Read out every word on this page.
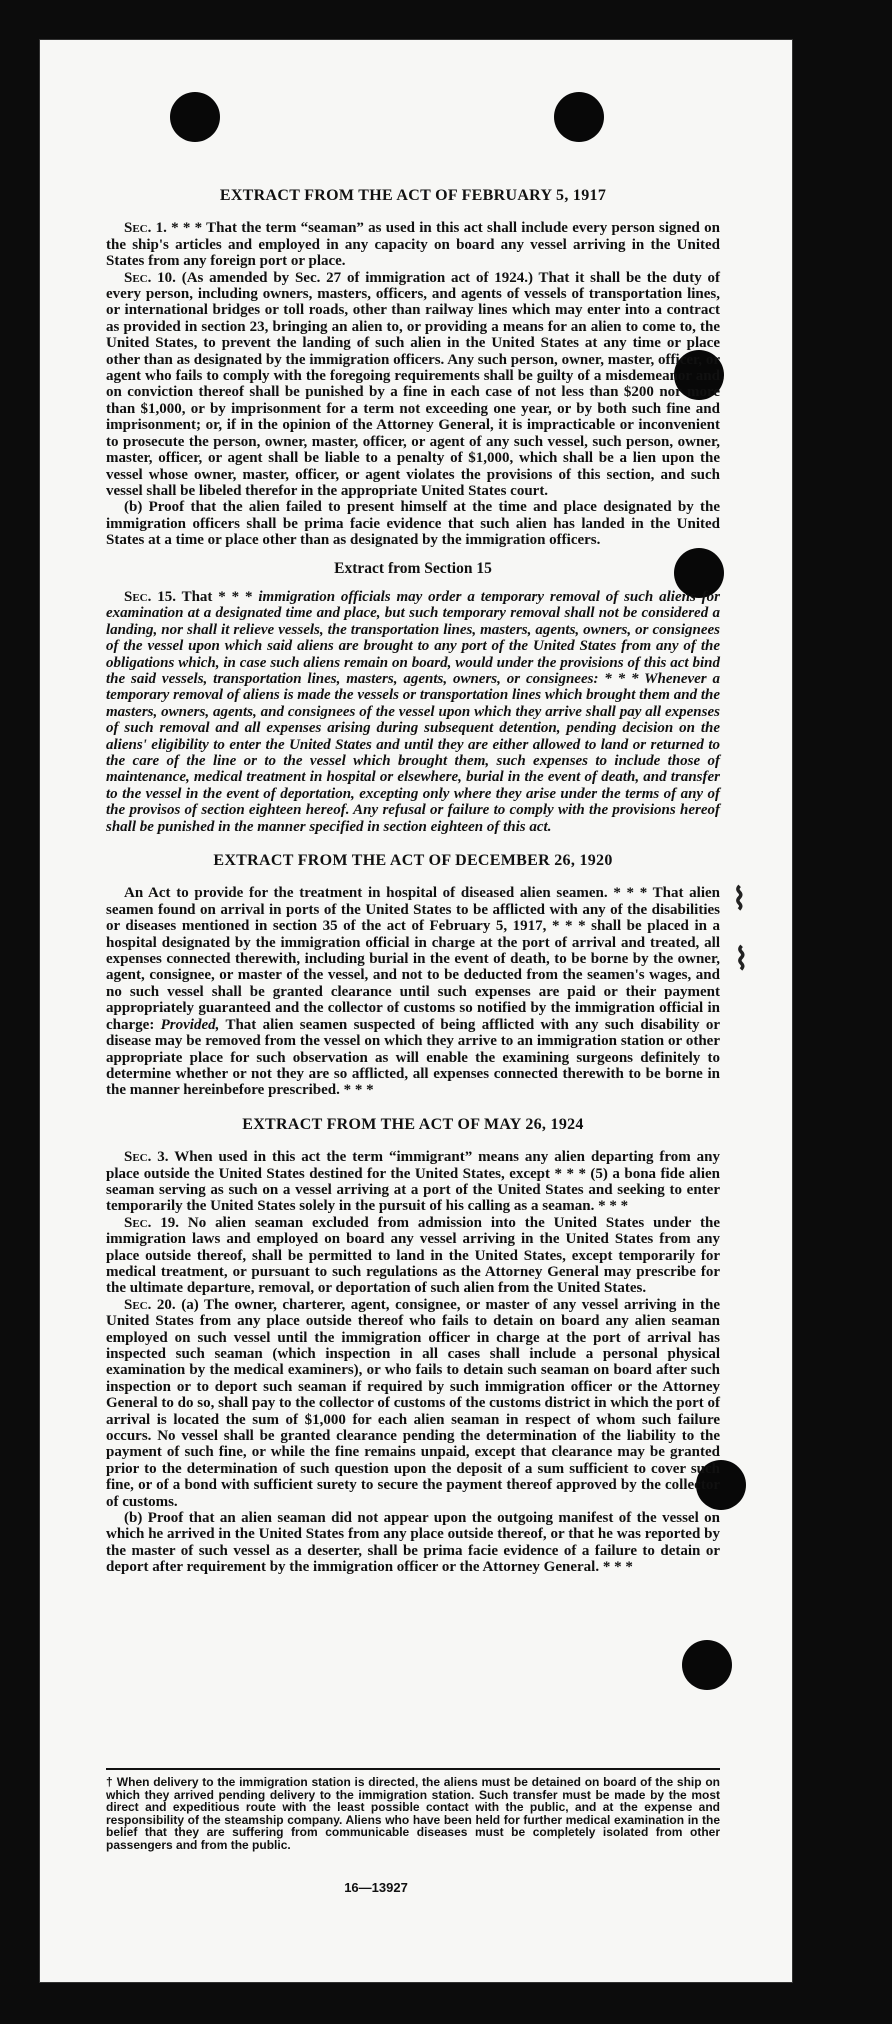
⌇
⌇
EXTRACT FROM THE ACT OF FEBRUARY 5, 1917

Sec. 1. * * * That the term “seaman” as used in this act shall include every person signed on the ship's articles and employed in any capacity on board any vessel arriving in the United States from any foreign port or place.

Sec. 10. (As amended by Sec. 27 of immigration act of 1924.) That it shall be the duty of every person, including owners, masters, officers, and agents of vessels of transportation lines, or international bridges or toll roads, other than railway lines which may enter into a contract as provided in section 23, bringing an alien to, or providing a means for an alien to come to, the United States, to prevent the landing of such alien in the United States at any time or place other than as designated by the immigration officers. Any such person, owner, master, officer, or agent who fails to comply with the foregoing requirements shall be guilty of a misdemeanor and on conviction thereof shall be punished by a fine in each case of not less than $200 nor more than $1,000, or by imprisonment for a term not exceeding one year, or by both such fine and imprisonment; or, if in the opinion of the Attorney General, it is impracticable or inconvenient to prosecute the person, owner, master, officer, or agent of any such vessel, such person, owner, master, officer, or agent shall be liable to a penalty of $1,000, which shall be a lien upon the vessel whose owner, master, officer, or agent violates the provisions of this section, and such vessel shall be libeled therefor in the appropriate United States court.

(b) Proof that the alien failed to present himself at the time and place designated by the immigration officers shall be prima facie evidence that such alien has landed in the United States at a time or place other than as designated by the immigration officers.

Extract from Section 15

Sec. 15. That * * * immigration officials may order a temporary removal of such aliens for examination at a designated time and place, but such temporary removal shall not be considered a landing, nor shall it relieve vessels, the transportation lines, masters, agents, owners, or consignees of the vessel upon which said aliens are brought to any port of the United States from any of the obligations which, in case such aliens remain on board, would under the provisions of this act bind the said vessels, transportation lines, masters, agents, owners, or consignees: * * * Whenever a temporary removal of aliens is made the vessels or transportation lines which brought them and the masters, owners, agents, and consignees of the vessel upon which they arrive shall pay all expenses of such removal and all expenses arising during subsequent detention, pending decision on the aliens' eligibility to enter the United States and until they are either allowed to land or returned to the care of the line or to the vessel which brought them, such expenses to include those of maintenance, medical treatment in hospital or elsewhere, burial in the event of death, and transfer to the vessel in the event of deportation, excepting only where they arise under the terms of any of the provisos of section eighteen hereof. Any refusal or failure to comply with the provisions hereof shall be punished in the manner specified in section eighteen of this act.

EXTRACT FROM THE ACT OF DECEMBER 26, 1920

An Act to provide for the treatment in hospital of diseased alien seamen. * * * That alien seamen found on arrival in ports of the United States to be afflicted with any of the disabilities or diseases mentioned in section 35 of the act of February 5, 1917, * * * shall be placed in a hospital designated by the immigration official in charge at the port of arrival and treated, all expenses connected therewith, including burial in the event of death, to be borne by the owner, agent, consignee, or master of the vessel, and not to be deducted from the seamen's wages, and no such vessel shall be granted clearance until such expenses are paid or their payment appropriately guaranteed and the collector of customs so notified by the immigration official in charge: Provided, That alien seamen suspected of being afflicted with any such disability or disease may be removed from the vessel on which they arrive to an immigration station or other appropriate place for such observation as will enable the examining surgeons definitely to determine whether or not they are so afflicted, all expenses connected therewith to be borne in the manner hereinbefore prescribed. * * *

EXTRACT FROM THE ACT OF MAY 26, 1924

Sec. 3. When used in this act the term “immigrant” means any alien departing from any place outside the United States destined for the United States, except * * * (5) a bona fide alien seaman serving as such on a vessel arriving at a port of the United States and seeking to enter temporarily the United States solely in the pursuit of his calling as a seaman. * * *

Sec. 19. No alien seaman excluded from admission into the United States under the immigration laws and employed on board any vessel arriving in the United States from any place outside thereof, shall be permitted to land in the United States, except temporarily for medical treatment, or pursuant to such regulations as the Attorney General may prescribe for the ultimate departure, removal, or deportation of such alien from the United States.

Sec. 20. (a) The owner, charterer, agent, consignee, or master of any vessel arriving in the United States from any place outside thereof who fails to detain on board any alien seaman employed on such vessel until the immigration officer in charge at the port of arrival has inspected such seaman (which inspection in all cases shall include a personal physical examination by the medical examiners), or who fails to detain such seaman on board after such inspection or to deport such seaman if required by such immigration officer or the Attorney General to do so, shall pay to the collector of customs of the customs district in which the port of arrival is located the sum of $1,000 for each alien seaman in respect of whom such failure occurs. No vessel shall be granted clearance pending the determination of the liability to the payment of such fine, or while the fine remains unpaid, except that clearance may be granted prior to the determination of such question upon the deposit of a sum sufficient to cover such fine, or of a bond with sufficient surety to secure the payment thereof approved by the collector of customs.

(b) Proof that an alien seaman did not appear upon the outgoing manifest of the vessel on which he arrived in the United States from any place outside thereof, or that he was reported by the master of such vessel as a deserter, shall be prima facie evidence of a failure to detain or deport after requirement by the immigration officer or the Attorney General. * * *

† When delivery to the immigration station is directed, the aliens must be detained on board of the ship on which they arrived pending delivery to the immigration station. Such transfer must be made by the most direct and expeditious route with the least possible contact with the public, and at the expense and responsibility of the steamship company. Aliens who have been held for further medical examination in the belief that they are suffering from communicable diseases must be completely isolated from other passengers and from the public.
16—13927
